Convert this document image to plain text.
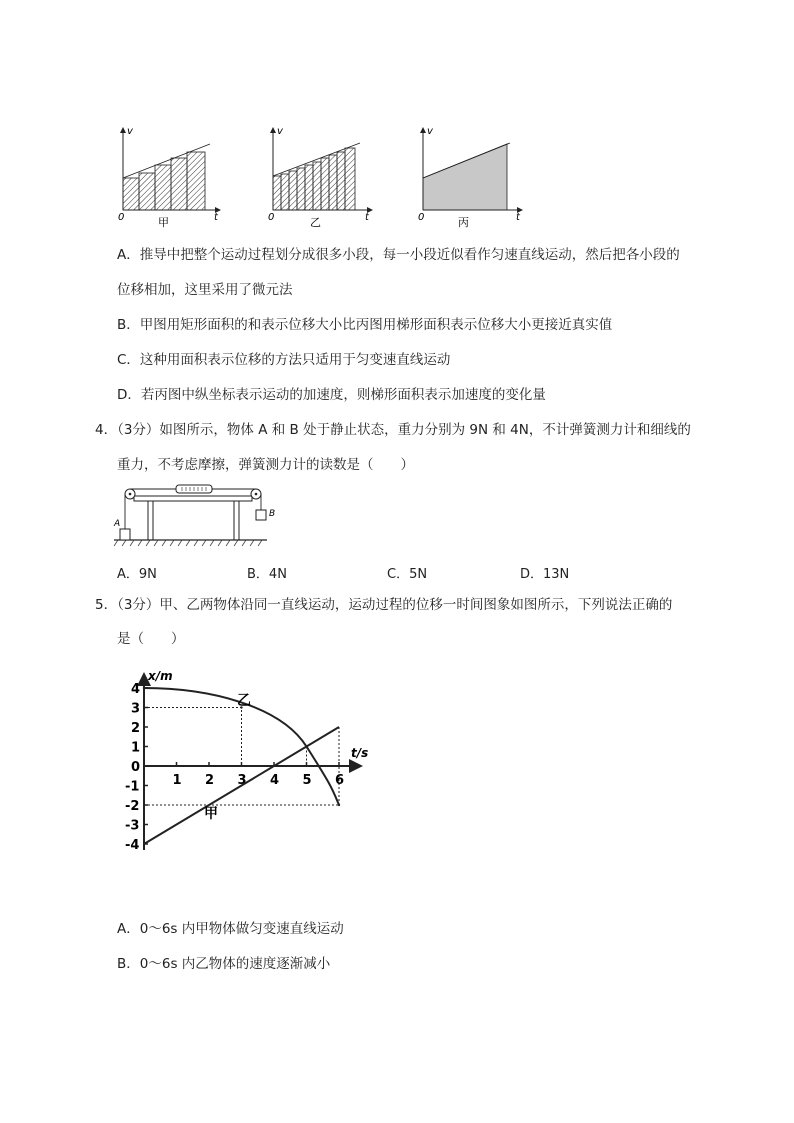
v
t
0	甲
v
t
0	乙
v
t
0	丙
A．推导中把整个运动过程划分成很多小段，每一小段近似看作匀速直线运动，然后把各小段的
位移相加，这里采用了微元法
B．甲图用矩形面积的和表示位移大小比丙图用梯形面积表示位移大小更接近真实值
C．这种用面积表示位移的方法只适用于匀变速直线运动
D．若丙图中纵坐标表示运动的加速度，则梯形面积表示加速度的变化量
4．（3分）如图所示，物体 A 和 B 处于静止状态，重力分别为 9N 和 4N，不计弹簧测力计和细线的
重力，不考虑摩擦，弹簧测力计的读数是（　　）
A
B
A．9N	B．4N	C．5N	D．13N
5．（3分）甲、乙两物体沿同一直线运动，运动过程的位移一时间图象如图所示，下列说法正确的
是（　　）
1 2 3 4 5 6
4
3
2
1
0
-1
-2
-3
-4
t/s
x/m
乙
甲
A．0～6s 内甲物体做匀变速直线运动
B．0～6s 内乙物体的速度逐渐减小
